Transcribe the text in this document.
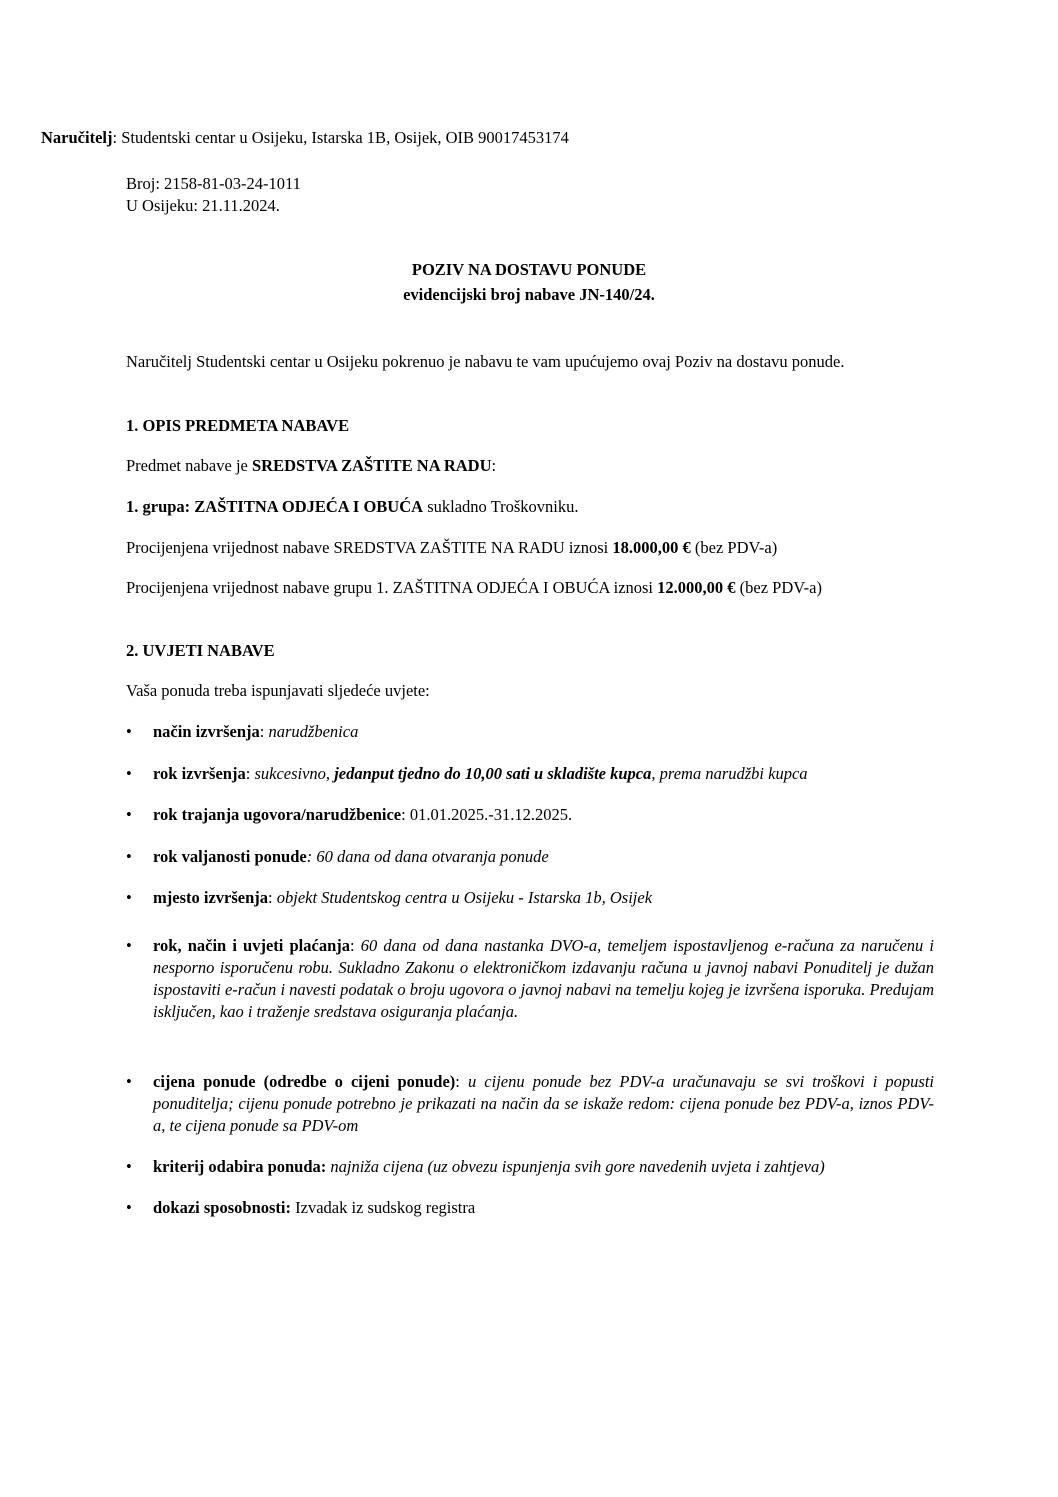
Naručitelj: Studentski centar u Osijeku, Istarska 1B, Osijek, OIB 90017453174
Broj: 2158-81-03-24-1011
U Osijeku: 21.11.2024.
POZIV NA DOSTAVU PONUDE
evidencijski broj nabave JN-140/24.
Naručitelj Studentski centar u Osijeku pokrenuo je nabavu te vam upućujemo ovaj Poziv na dostavu ponude.
1. OPIS PREDMETA NABAVE
Predmet nabave je SREDSTVA ZAŠTITE NA RADU:
1. grupa: ZAŠTITNA ODJEĆA I OBUĆA sukladno Troškovniku.
Procijenjena vrijednost nabave SREDSTVA ZAŠTITE NA RADU iznosi 18.000,00 € (bez PDV-a)
Procijenjena vrijednost nabave grupu 1. ZAŠTITNA ODJEĆA I OBUĆA iznosi 12.000,00 € (bez PDV-a)
2. UVJETI NABAVE
Vaša ponuda treba ispunjavati sljedeće uvjete:
•	način izvršenja: narudžbenica
•	rok izvršenja: sukcesivno, jedanput tjedno do 10,00 sati u skladište kupca, prema narudžbi kupca
•	rok trajanja ugovora/narudžbenice: 01.01.2025.-31.12.2025.
•	rok valjanosti ponude: 60 dana od dana otvaranja ponude
•	mjesto izvršenja: objekt Studentskog centra u Osijeku - Istarska 1b, Osijek
•	rok, način i uvjeti plaćanja: 60 dana od dana nastanka DVO-a, temeljem ispostavljenog e-računa za naručenu i nesporno isporučenu robu. Sukladno Zakonu o elektroničkom izdavanju računa u javnoj nabavi Ponuditelj je dužan ispostaviti e-račun i navesti podatak o broju ugovora o javnoj nabavi na temelju kojeg je izvršena isporuka. Predujam isključen, kao i traženje sredstava osiguranja plaćanja.
•	cijena ponude (odredbe o cijeni ponude): u cijenu ponude bez PDV-a uračunavaju se svi troškovi i popusti ponuditelja; cijenu ponude potrebno je prikazati na način da se iskaže redom: cijena ponude bez PDV-a, iznos PDV-a, te cijena ponude sa PDV-om
•	kriterij odabira ponuda: najniža cijena (uz obvezu ispunjenja svih gore navedenih uvjeta i zahtjeva)
•	dokazi sposobnosti: Izvadak iz sudskog registra
